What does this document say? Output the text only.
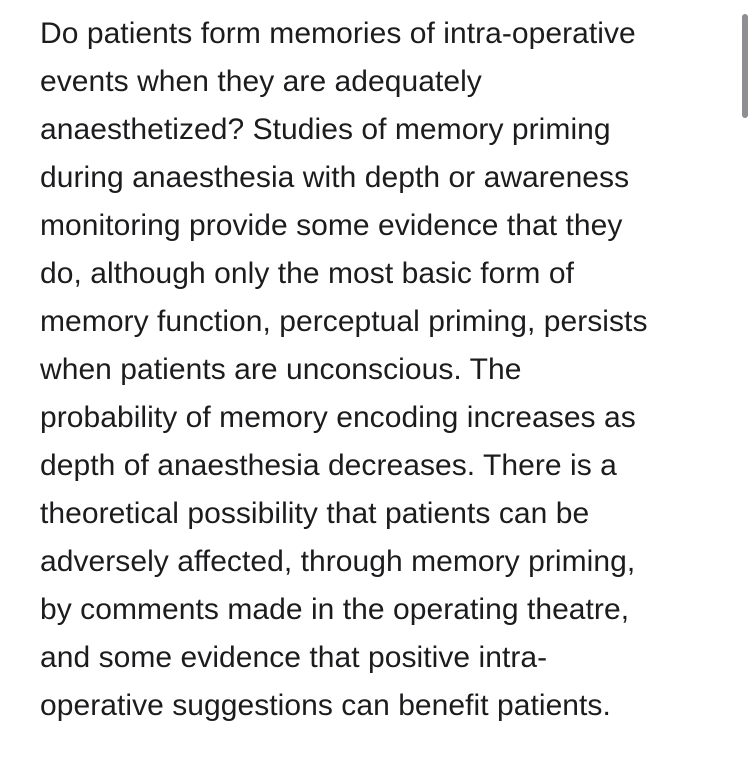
Do patients form memories of intra-operative
events when they are adequately
anaesthetized? Studies of memory priming
during anaesthesia with depth or awareness
monitoring provide some evidence that they
do, although only the most basic form of
memory function, perceptual priming, persists
when patients are unconscious. The
probability of memory encoding increases as
depth of anaesthesia decreases. There is a
theoretical possibility that patients can be
adversely affected, through memory priming,
by comments made in the operating theatre,
and some evidence that positive intra-
operative suggestions can benefit patients.
